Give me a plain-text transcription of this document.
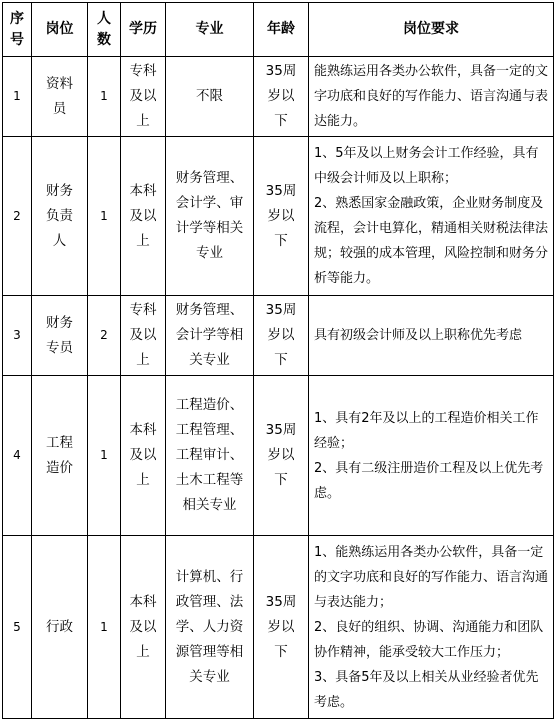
序号	岗位	人数	学历	专业	年龄	岗位要求

1	资料员	1	专科及以上	不限	35周岁以下	能熟练运用各类办公软件，具备一定的文字功底和良好的写作能力、语言沟通与表达能力。

2	财务负责人	1	本科及以上	财务管理、会计学、审计学等相关专业	35周岁以下	1、5年及以上财务会计工作经验，具有中级会计师及以上职称；
2、熟悉国家金融政策，企业财务制度及流程，会计电算化，精通相关财税法律法规；较强的成本管理，风险控制和财务分析等能力。

3	财务专员	2	专科及以上	财务管理、会计学等相关专业	35周岁以下	具有初级会计师及以上职称优先考虑

4	工程造价	1	本科及以上	工程造价、工程管理、工程审计、土木工程等相关专业	35周岁以下	1、具有2年及以上的工程造价相关工作经验；
2、具有二级注册造价工程及以上优先考虑。

5	行政	1	本科及以上	计算机、行政管理、法学、人力资源管理等相关专业	35周岁以下	1、能熟练运用各类办公软件，具备一定的文字功底和良好的写作能力、语言沟通与表达能力；
2、良好的组织、协调、沟通能力和团队协作精神，能承受较大工作压力；
3、具备5年及以上相关从业经验者优先考虑。
